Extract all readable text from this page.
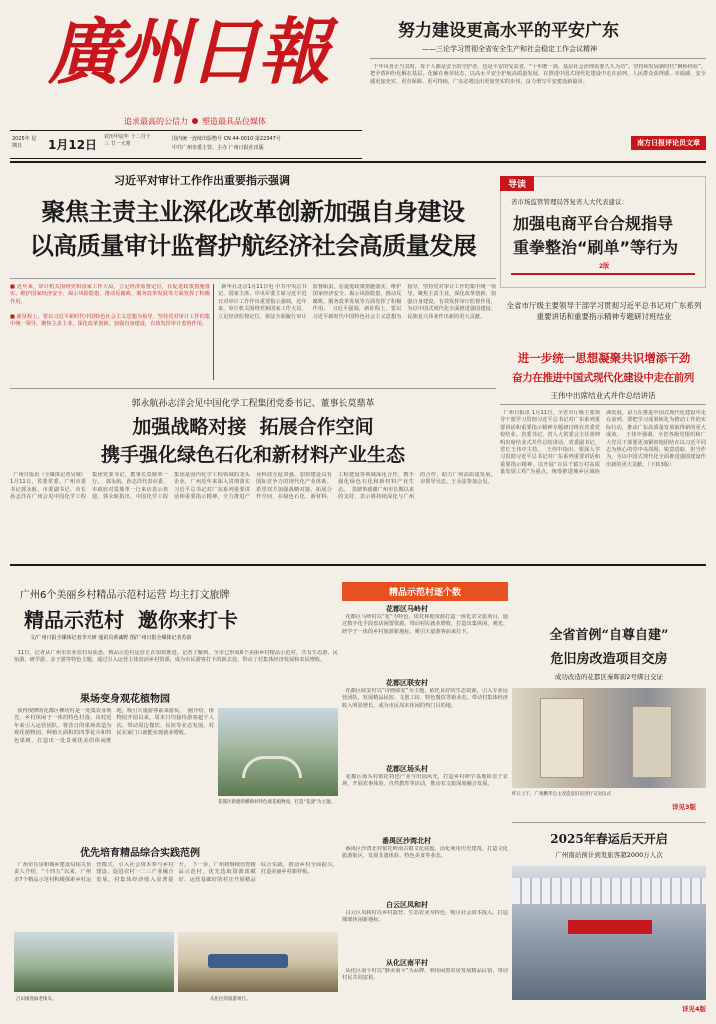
廣州日報
追求最高的公信力 塑造最具品位媒体
2025年 星期日	1月12日
农历甲辰年 十二月十三 廿一大寒
国内统一连续出版物号 CN 44-0010 第22347号
中共广州市委主管、主办 广州日报社出版
努力建设更高水平的平安广东
——三论学习贯彻全省安全生产和社会稳定工作会议精神
千年风骨正当其时，每个人都是安全的守护者，也是平安的受益者，“十年磨一剑，基层社会治理需要久久为功”。坚持和发展新时代“枫桥经验”，把矛盾纠纷化解在基层、化解在萌芽状态，以高水平安全护航高质量发展，在推进中国式现代化建设中走在前列，人民群众获得感、幸福感、安全感更加充实、更有保障、更可持续，广东必将迈出更加坚实的步伐，奋力谱写平安建设新篇章。
南方日报评论员文章
习近平对审计工作作出重要指示强调
聚焦主责主业深化改革创新加强自身建设
以高质量审计监督护航经济社会高质量发展
■ 近年来，审计机关围绕党和国家工作大局，立足经济监督定位，在促进政策措施落实、维护国家经济安全、揭示风险隐患、推动反腐败、服务改革发展等方面发挥了积极作用。

■ 新征程上，要以习近平新时代中国特色社会主义思想为指导，坚持党对审计工作的集中统一领导，聚焦主责主业，深化改革创新，加强自身建设，有效发挥审计监督作用。
新华社北京1月11日电 中共中央总书记、国家主席、中央军委主席习近平近日对审计工作作出重要指示强调，近年来，审计机关围绕党和国家工作大局，立足经济监督定位，依法全面履行审计监督职责，在促进政策措施落实、维护国家经济安全、揭示风险隐患、推动反腐败、服务改革发展等方面发挥了积极作用。  习近平强调，新征程上，要以习近平新时代中国特色社会主义思想为指导，坚持党对审计工作的集中统一领导，聚焦主责主业，深化改革创新，加强自身建设，有效发挥审计监督作用，为以中国式现代化全面推进强国建设、民族复兴伟业作出新的更大贡献。
导读
省市场监管管理局答复省人大代表建议：
加强电商平台合规指导
重拳整治“刷单”等行为
2版
全省市厅级主要领导干部学习贯彻习近平总书记对广东系列重要讲话和重要指示精神专题研讨班结业
进一步统一思想凝聚共识增添干劲
奋力在推进中国式现代化建设中走在前列
王伟中出席结业式并作总结讲话
广州日报讯 1月11日，全省市厅级主要领导干部学习贯彻习近平总书记对广东系列重要讲话和重要指示精神专题研讨班在省委党校结业。省委书记、省人大常委会主任黄坤明出席结业式并作总结讲话。省委副书记、省长王伟中主持。  王伟中指出，要深入学习贯彻习近平总书记对广东系列重要讲话和重要指示精神，以开展“百县千镇万村高质量发展工程”为重点，统筹推进城乡区域协调发展，奋力在推进中国式现代化建设中走在前列。要把学习成果转化为推动工作的实际行动，推动广东高质量发展取得新的更大成效。  王伟中强调，全省各级党组织和广大党员干部要更加紧密地团结在以习近平同志为核心的党中央周围，锐意进取、担当作为，为以中国式现代化全面推进强国建设作出新的更大贡献。（下转3版）
郭永航孙志洋会见中国化学工程集团党委书记、董事长莫鼎革
加强战略对接  拓展合作空间
携手强化绿色石化和新材料产业生态
广州日报讯（全媒体记者吴城） 1月11日，省委常委、广州市委书记郭永航，市委副书记、市长孙志洋在广州会见中国化学工程集团党委书记、董事长莫鼎革一行。  郭永航、孙志洋代表市委、市政府对莫鼎革一行来访表示欢迎。郭永航指出，中国化学工程集团是国内化学工程领域的龙头企业，广州近年来深入贯彻落实习近平总书记对广东系列重要讲话和重要指示精神，全力推进产业科技互促双强，加快建设具有国际竞争力的现代化产业体系。希望双方加强战略对接，拓展合作空间，在绿色石化、新材料、工程建设等领域深化合作，携手强化绿色石化和新材料产业生态。  莫鼎革感谢广州市长期以来的支持，表示将持续深化与广州的合作，助力广州高质量发展。市领导吴忠、王永雷参加会见。
广州6个美丽乡村精品示范村运营 均主打文旅牌
精品示范村  邀你来打卡
文/广州日报全媒体记者李天研 通讯员黄诚野 图/广州日报全媒体记者苏韵
11日，记者从广州市农业农村局获悉，精品示范村运营正在加快推进。记者了解到，全市已形成6个美丽乡村精品示范村，共有生态游、民宿游、研学游、亲子游等特色主题，通过引入运营主体盘活乡村资源，成为市民游客打卡的新去处，带动了村集体经济发展和农民增收。
果场变身观花植物园
获得授牌的花都区柳坊村是一处集农业观光、乡村休闲于一体的特色村落。该村近年来引入运营团队，将昔日的果场改造为观花植物园，种植大面积的四季花卉和特色果树，打造出一处景观优美的休闲胜地，吸引大量游客前来游玩。  据介绍，植物园开园以来，周末日均接待游客超千人次，带动周边餐饮、民宿等业态发展，村民在家门口就能实现就业增收。
花都区新建的横路村特色观花植物园，打造“花漾”为主题。
优先培育精品综合实践范例
广州市住房和城乡建设局相关负责人介绍，“十四五”以来，广州市7个精品示范村积极探索乡村运营模式，引入社会资本参与乡村建设，促进农村一二三产业融合发展，村集体经济收入显著提升。  下一步，广州将继续培育精品示范村，优先选取资源禀赋好、运营基础好的村庄开展精品综合实践，推动乡村全面振兴，打造美丽乡村新样板。
吕田镇莲麻老街头。	从化区的旅游项目。
精品示范村逐个数
花都区马岭村
花都区马岭村以“花”为特色，依托林地资源打造一体化农文旅项目，通过数字化手段盘活闲置资源，带动村民就业增收，打造出集休闲、观光、研学于一体的乡村旅游新地标，吸引大量游客前来打卡。
花都区联安村
花都区联安村以“诗画联安”为主题，依托良好的生态资源，引入专业运营团队，发展精品民宿、文创工坊、特色餐饮等新业态，带动村集体经济收入明显增长，成为市民周末休闲的热门目的地。
花都区场头村
花都区场头村依托特色产业与田园风光，打造乡村研学基地和亲子农场，开展农事体验、自然教育等活动，推动农文旅深度融合发展。
番禺区沙湾北村
番禺区沙湾北村依托岭南古镇文化底蕴，活化利用历史建筑，打造文化旅游街区，发展非遗体验、特色美食等业态。
白云区凤和村
白云区凤和村以乡村露营、生态农业为特色，吸引社会资本投入，打造城郊休闲新地标。
从化区南平村
从化区南平村以“静美南平”为品牌，利用闲置农房发展精品民宿，带动村民共同富裕。
全省首例“自尊自建”
危旧房改造项目交房
成功改造的花都区秦晖街2号绑日交证
昨日上午，广州鹏华自主改造危旧房进行交房仪式
详见3版
2025年春运后天开启
广州南站预计到发旅客超2000万人次
详见4版
